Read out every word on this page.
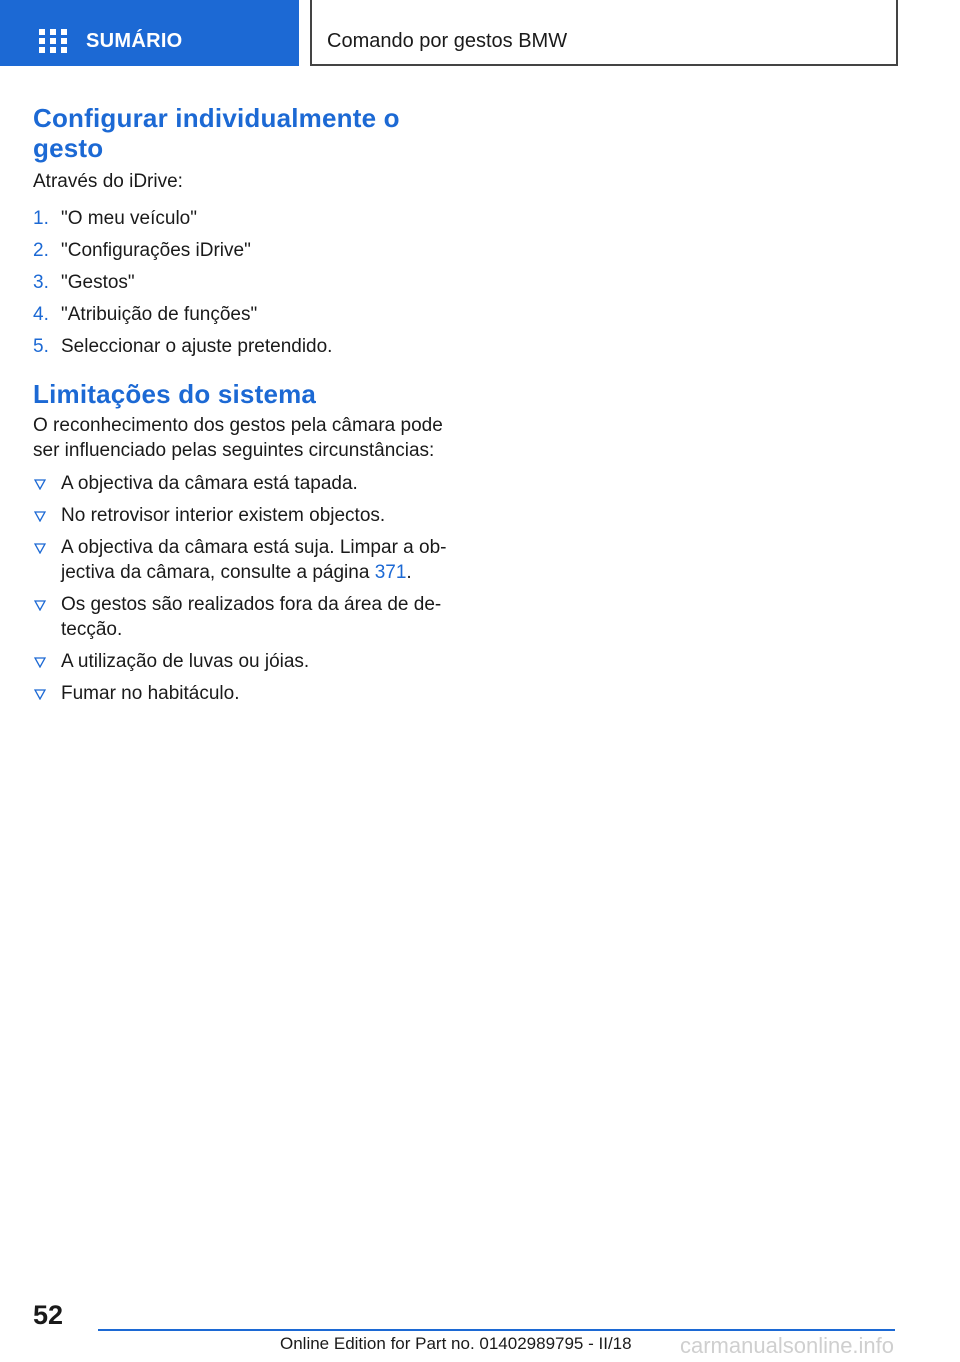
SUMÁRIO	Comando por gestos BMW
Configurar individualmente o
gesto

Através do iDrive:

1. "O meu veículo"
2. "Configurações iDrive"
3. "Gestos"
4. "Atribuição de funções"
5. Seleccionar o ajuste pretendido.
Limitações do sistema

O reconhecimento dos gestos pela câmara pode
ser influenciado pelas seguintes circunstâncias:

A objectiva da câmara está tapada.
No retrovisor interior existem objectos.
A objectiva da câmara está suja. Limpar a ob-
jectiva da câmara, consulte a página 371.
Os gestos são realizados fora da área de de-
tecção.
A utilização de luvas ou jóias.
Fumar no habitáculo.
52
Online Edition for Part no. 01402989795 - II/18 carmanualsonline.info
